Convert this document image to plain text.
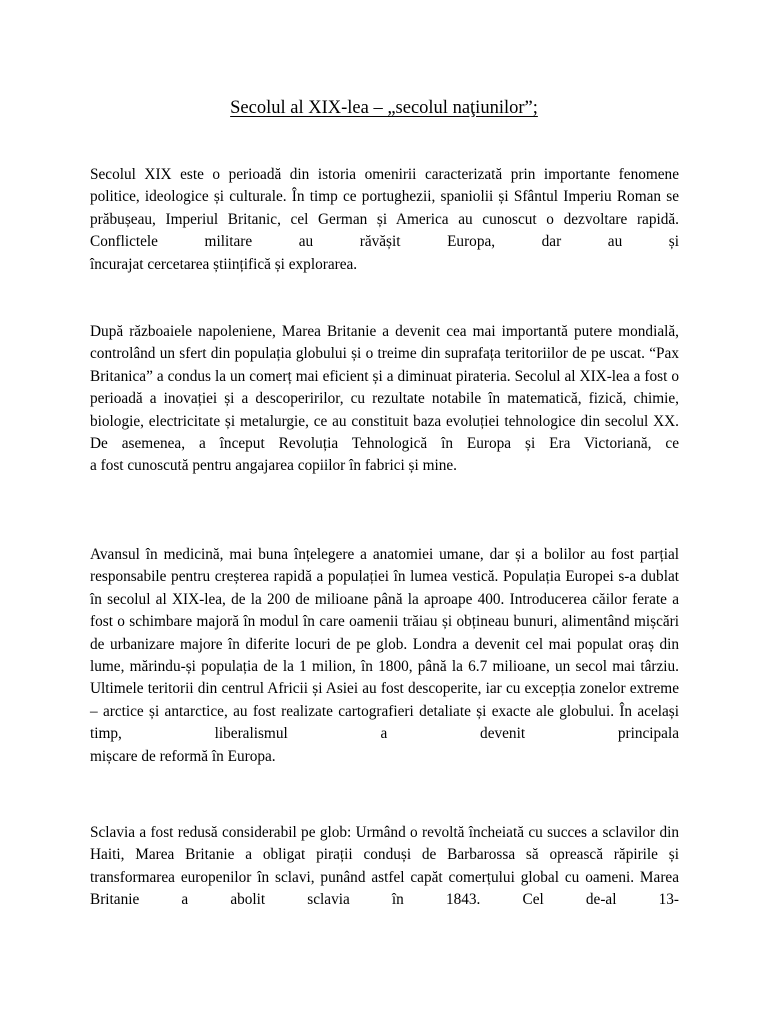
Secolul al XIX-lea – „secolul naţiunilor”;

Secolul XIX este o perioadă din istoria omenirii caracterizată prin importante fenomene politice, ideologice și culturale. În timp ce portughezii, spaniolii și Sfântul Imperiu Roman se prăbușeau, Imperiul Britanic, cel German și America au cunoscut o dezvoltare rapidă. Conflictele militare au răvășit Europa, dar au și
încurajat cercetarea științifică și explorarea.

După războaiele napoleniene, Marea Britanie a devenit cea mai importantă putere mondială, controlând un sfert din populația globului și o treime din suprafața teritoriilor de pe uscat. “Pax Britanica” a condus la un comerț mai eficient și a diminuat pirateria. Secolul al XIX-lea a fost o perioadă a inovației și a descoperirilor, cu rezultate notabile în matematică, fizică, chimie, biologie, electricitate și metalurgie, ce au constituit baza evoluției tehnologice din secolul XX. De asemenea, a început Revoluția Tehnologică în Europa și Era Victoriană, ce
a fost cunoscută pentru angajarea copiilor în fabrici și mine.

Avansul în medicină, mai buna înțelegere a anatomiei umane, dar și a bolilor au fost parțial responsabile pentru creșterea rapidă a populației în lumea vestică. Populația Europei s-a dublat în secolul al XIX-lea, de la 200 de milioane până la aproape 400. Introducerea căilor ferate a fost o schimbare majoră în modul în care oamenii trăiau și obțineau bunuri, alimentând mișcări de urbanizare majore în diferite locuri de pe glob. Londra a devenit cel mai populat oraș din lume, mărindu-și populația de la 1 milion, în 1800, până la 6.7 milioane, un secol mai târziu. Ultimele teritorii din centrul Africii și Asiei au fost descoperite, iar cu excepția zonelor extreme – arctice și antarctice, au fost realizate cartografieri detaliate și exacte ale globului. În același timp, liberalismul a devenit principala
mișcare de reformă în Europa.

Sclavia a fost redusă considerabil pe glob: Urmând o revoltă încheiată cu succes a sclavilor din Haiti, Marea Britanie a obligat pirații conduși de Barbarossa să oprească răpirile și transformarea europenilor în sclavi, punând astfel capăt comerțului global cu oameni. Marea Britanie a abolit sclavia în 1843. Cel de-al 13-
